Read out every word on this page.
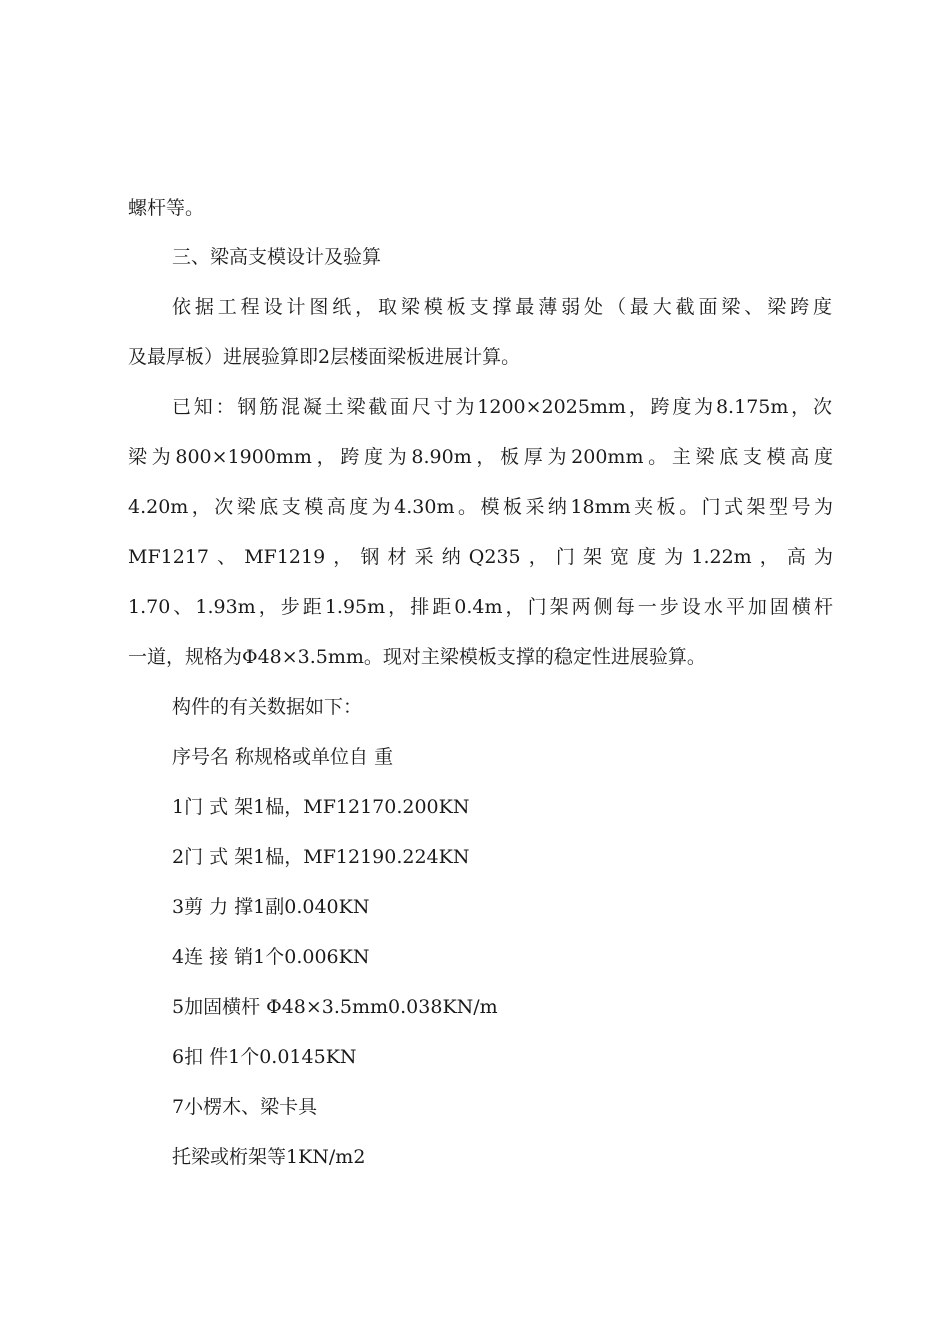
螺杆等。
三、梁高支模设计及验算
依据工程设计图纸，取梁模板支撑最薄弱处（最大截面梁、梁跨度
及最厚板）进展验算即2层楼面梁板进展计算。
已知：钢筋混凝土梁截面尺寸为1200×2025mm，跨度为8.175m，次
梁为800×1900mm，跨度为8.90m，板厚为200mm。主梁底支模高度
4.20m，次梁底支模高度为4.30m。模板采纳18mm夹板。门式架型号为
MF1217、MF1219，钢材采纳Q235，门架宽度为1.22m，高为
1.70、1.93m，步距1.95m，排距0.4m，门架两侧每一步设水平加固横杆
一道，规格为Φ48×3.5mm。现对主梁模板支撑的稳定性进展验算。
构件的有关数据如下：
序号名 称规格或单位自 重
1门 式 架1榀，MF12170.200KN
2门 式 架1榀，MF12190.224KN
3剪 力 撑1副0.040KN
4连 接 销1个0.006KN
5加固横杆 Φ48×3.5mm0.038KN/m
6扣 件1个0.0145KN
7小楞木、梁卡具
托梁或桁架等1KN/m2
